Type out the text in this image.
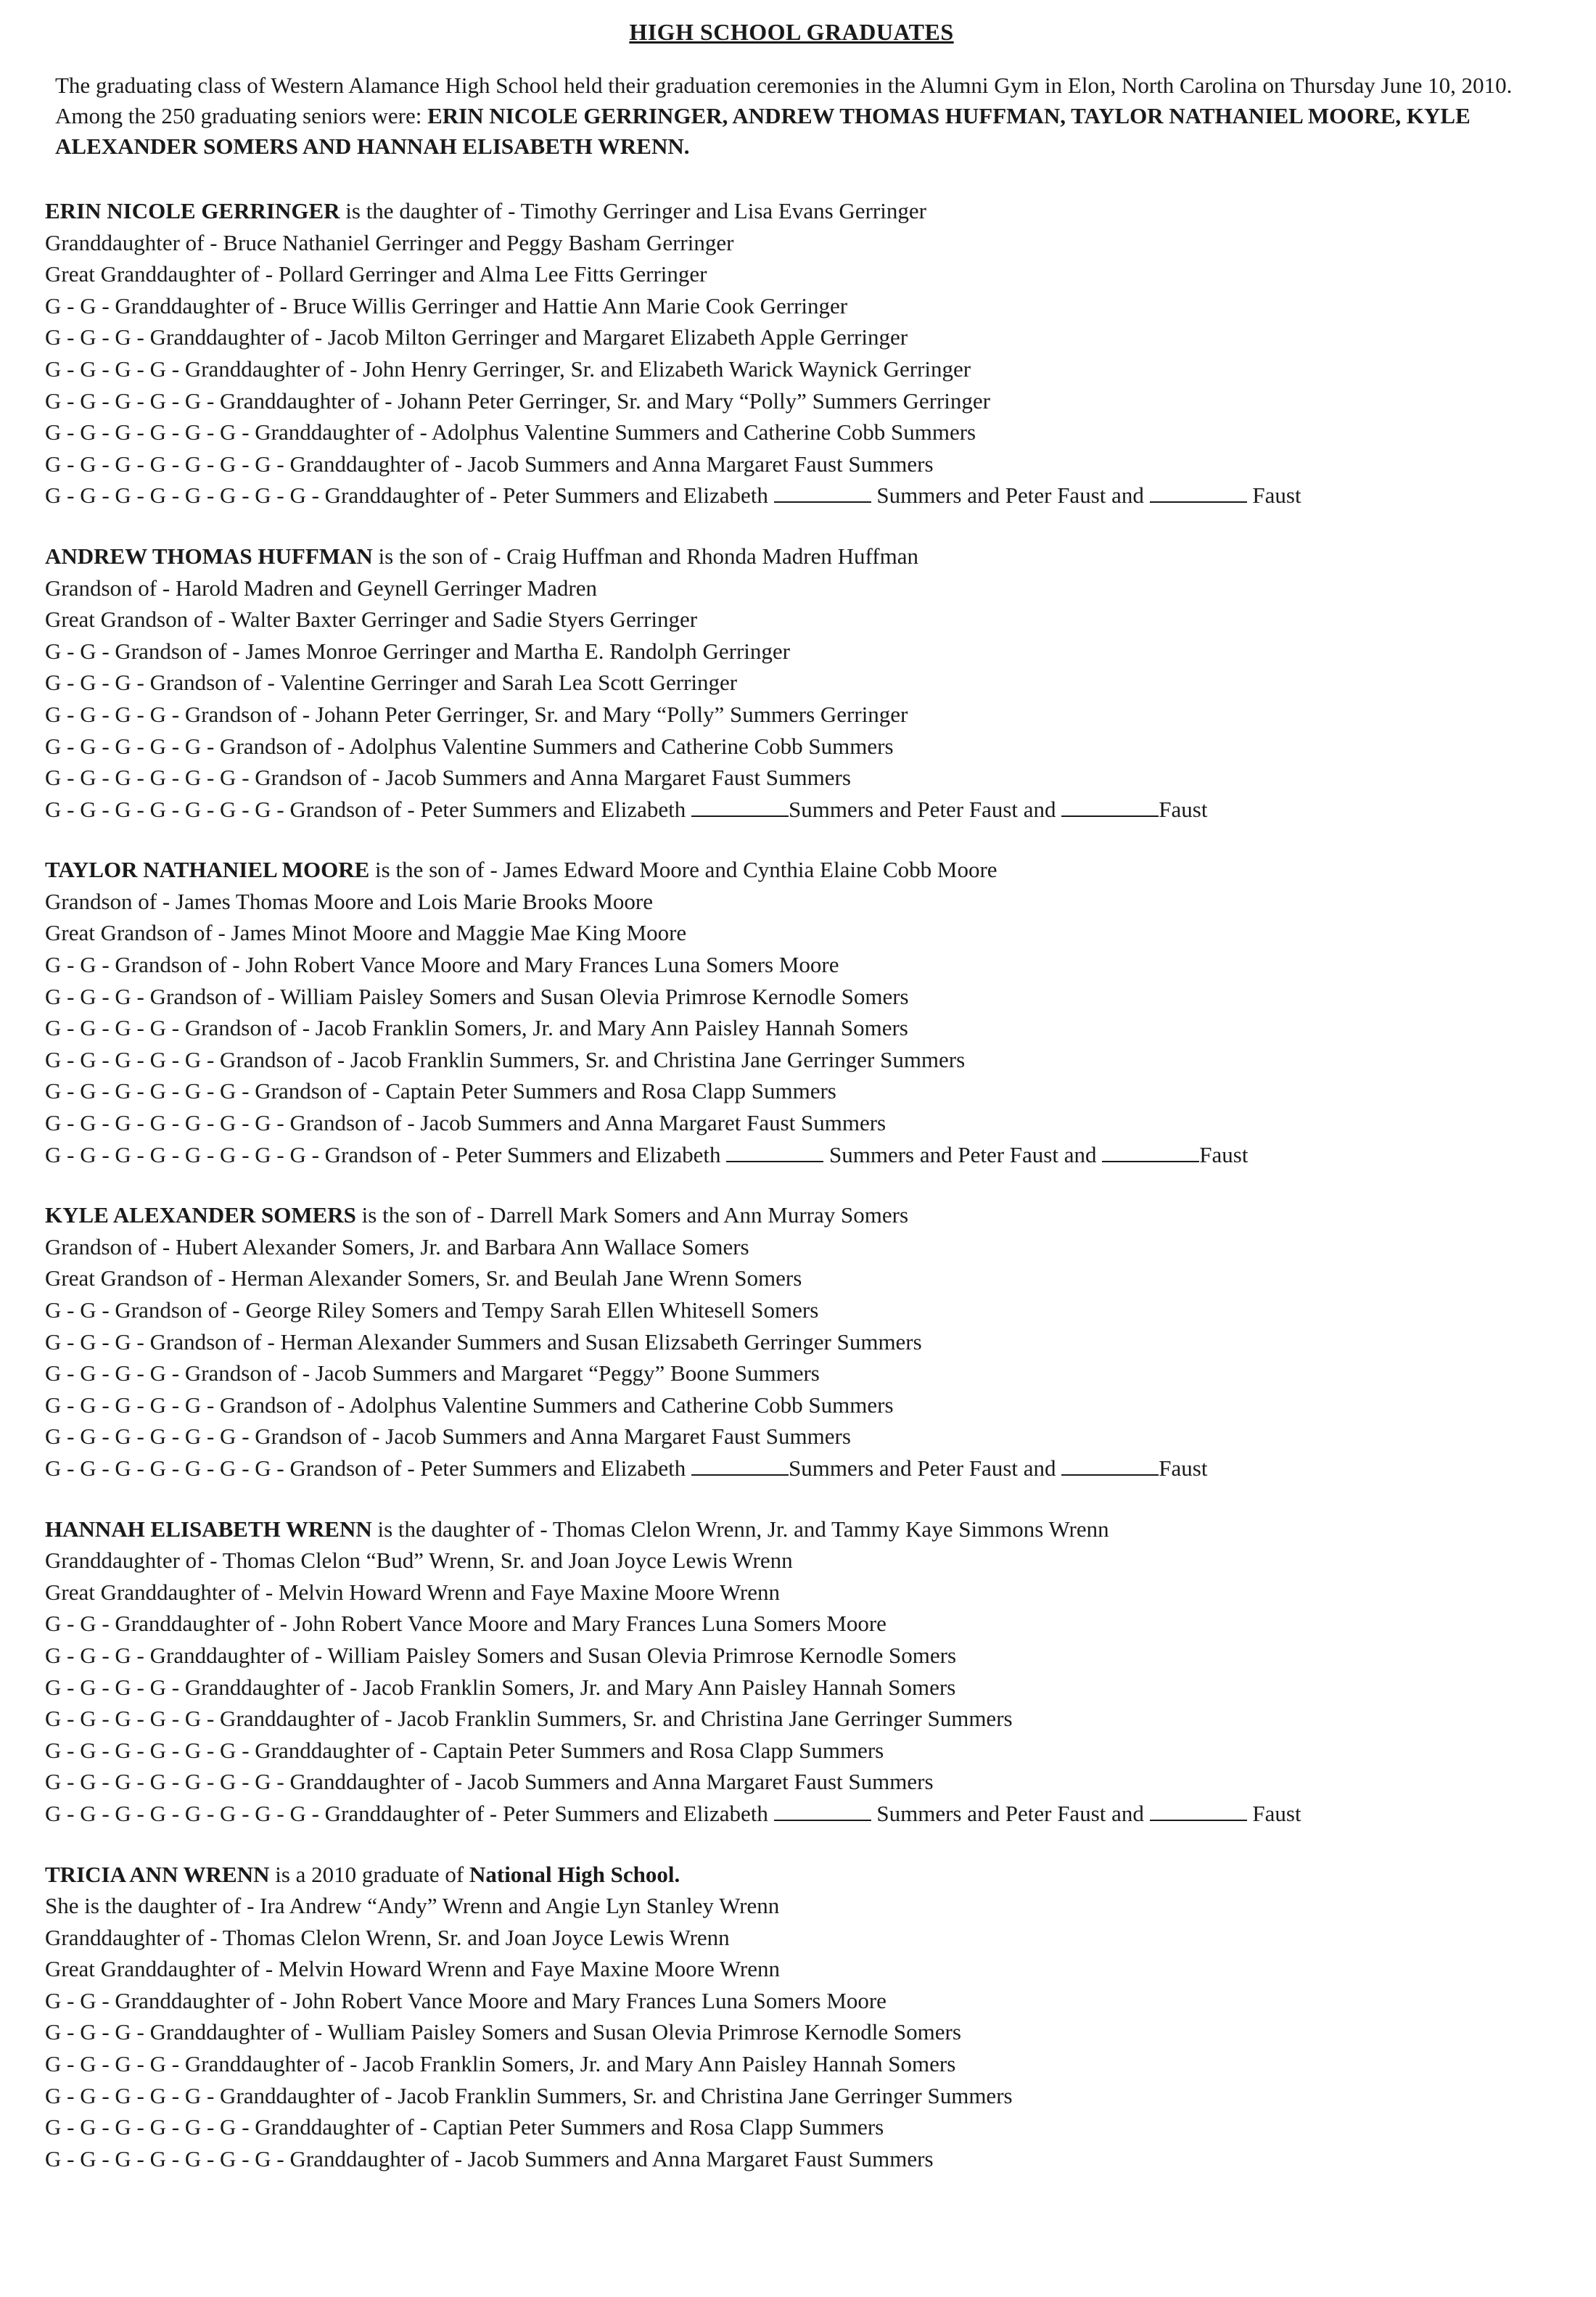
HIGH SCHOOL GRADUATES
The graduating class of Western Alamance High School held their graduation ceremonies in the Alumni Gym in Elon, North Carolina on Thursday June 10, 2010. Among the 250 graduating seniors were: ERIN NICOLE GERRINGER, ANDREW THOMAS HUFFMAN, TAYLOR NATHANIEL MOORE, KYLE ALEXANDER SOMERS AND HANNAH ELISABETH WRENN.
ERIN NICOLE GERRINGER is the daughter of - Timothy Gerringer and Lisa Evans Gerringer
Granddaughter of - Bruce Nathaniel Gerringer and Peggy Basham Gerringer
Great Granddaughter of - Pollard Gerringer and Alma Lee Fitts Gerringer
G - G - Granddaughter of - Bruce Willis Gerringer and Hattie Ann Marie Cook Gerringer
G - G - G - Granddaughter of - Jacob Milton Gerringer and Margaret Elizabeth Apple Gerringer
G - G - G - G - Granddaughter of - John Henry Gerringer, Sr. and Elizabeth Warick Waynick Gerringer
G - G - G - G - G - Granddaughter of - Johann Peter Gerringer, Sr. and Mary “Polly” Summers Gerringer
G - G - G - G - G - G - Granddaughter of - Adolphus Valentine Summers and Catherine Cobb Summers
G - G - G - G - G - G - G - Granddaughter of - Jacob Summers and Anna Margaret Faust Summers
G - G - G - G - G - G - G - G - Granddaughter of - Peter Summers and Elizabeth	Summers and Peter Faust and	Faust
ANDREW THOMAS HUFFMAN is the son of - Craig Huffman and Rhonda Madren Huffman
Grandson of - Harold Madren and Geynell Gerringer Madren
Great Grandson of - Walter Baxter Gerringer and Sadie Styers Gerringer
G - G - Grandson of - James Monroe Gerringer and Martha E. Randolph Gerringer
G - G - G - Grandson of - Valentine Gerringer and Sarah Lea Scott Gerringer
G - G - G - G - Grandson of - Johann Peter Gerringer, Sr. and Mary “Polly” Summers Gerringer
G - G - G - G - G - Grandson of - Adolphus Valentine Summers and Catherine Cobb Summers
G - G - G - G - G - G - Grandson of - Jacob Summers and Anna Margaret Faust Summers
G - G - G - G - G - G - G - Grandson of - Peter Summers and Elizabeth	Summers and Peter Faust and	Faust
TAYLOR NATHANIEL MOORE is the son of - James Edward Moore and Cynthia Elaine Cobb Moore
Grandson of - James Thomas Moore and Lois Marie Brooks Moore
Great Grandson of - James Minot Moore and Maggie Mae King Moore
G - G - Grandson of - John Robert Vance Moore and Mary Frances Luna Somers Moore
G - G - G - Grandson of - William Paisley Somers and Susan Olevia Primrose Kernodle Somers
G - G - G - G - Grandson of - Jacob Franklin Somers, Jr. and Mary Ann Paisley Hannah Somers
G - G - G - G - G - Grandson of - Jacob Franklin Summers, Sr. and Christina Jane Gerringer Summers
G - G - G - G - G - G - Grandson of - Captain Peter Summers and Rosa Clapp Summers
G - G - G - G - G - G - G - Grandson of - Jacob Summers and Anna Margaret Faust Summers
G - G - G - G - G - G - G - G - Grandson of - Peter Summers and Elizabeth	Summers and Peter Faust and	Faust
KYLE ALEXANDER SOMERS is the son of - Darrell Mark Somers and Ann Murray Somers
Grandson of - Hubert Alexander Somers, Jr. and Barbara Ann Wallace Somers
Great Grandson of - Herman Alexander Somers, Sr. and Beulah Jane Wrenn Somers
G - G - Grandson of - George Riley Somers and Tempy Sarah Ellen Whitesell Somers
G - G - G - Grandson of - Herman Alexander Summers and Susan Elizsabeth Gerringer Summers
G - G - G - G - Grandson of - Jacob Summers and Margaret “Peggy” Boone Summers
G - G - G - G - G - Grandson of - Adolphus Valentine Summers and Catherine Cobb Summers
G - G - G - G - G - G - Grandson of - Jacob Summers and Anna Margaret Faust Summers
G - G - G - G - G - G - G - Grandson of - Peter Summers and Elizabeth	Summers and Peter Faust and	Faust
HANNAH ELISABETH WRENN is the daughter of - Thomas Clelon Wrenn, Jr. and Tammy Kaye Simmons Wrenn
Granddaughter of - Thomas Clelon “Bud” Wrenn, Sr. and Joan Joyce Lewis Wrenn
Great Granddaughter of - Melvin Howard Wrenn and Faye Maxine Moore Wrenn
G - G - Granddaughter of - John Robert Vance Moore and Mary Frances Luna Somers Moore
G - G - G - Granddaughter of - William Paisley Somers and Susan Olevia Primrose Kernodle Somers
G - G - G - G - Granddaughter of - Jacob Franklin Somers, Jr. and Mary Ann Paisley Hannah Somers
G - G - G - G - G - Granddaughter of - Jacob Franklin Summers, Sr. and Christina Jane Gerringer Summers
G - G - G - G - G - G - Granddaughter of - Captain Peter Summers and Rosa Clapp Summers
G - G - G - G - G - G - G - Granddaughter of - Jacob Summers and Anna Margaret Faust Summers
G - G - G - G - G - G - G - G - Granddaughter of - Peter Summers and Elizabeth	Summers and Peter Faust and	Faust
TRICIA ANN WRENN is a 2010 graduate of National High School.
She is the daughter of - Ira Andrew “Andy” Wrenn and Angie Lyn Stanley Wrenn
Granddaughter of - Thomas Clelon Wrenn, Sr. and Joan Joyce Lewis Wrenn
Great Granddaughter of - Melvin Howard Wrenn and Faye Maxine Moore Wrenn
G - G - Granddaughter of - John Robert Vance Moore and Mary Frances Luna Somers Moore
G - G - G - Granddaughter of - Wulliam Paisley Somers and Susan Olevia Primrose Kernodle Somers
G - G - G - G - Granddaughter of - Jacob Franklin Somers, Jr. and Mary Ann Paisley Hannah Somers
G - G - G - G - G - Granddaughter of - Jacob Franklin Summers, Sr. and Christina Jane Gerringer Summers
G - G - G - G - G - G - Granddaughter of - Captian Peter Summers and Rosa Clapp Summers
G - G - G - G - G - G - G - Granddaughter of - Jacob Summers and Anna Margaret Faust Summers
